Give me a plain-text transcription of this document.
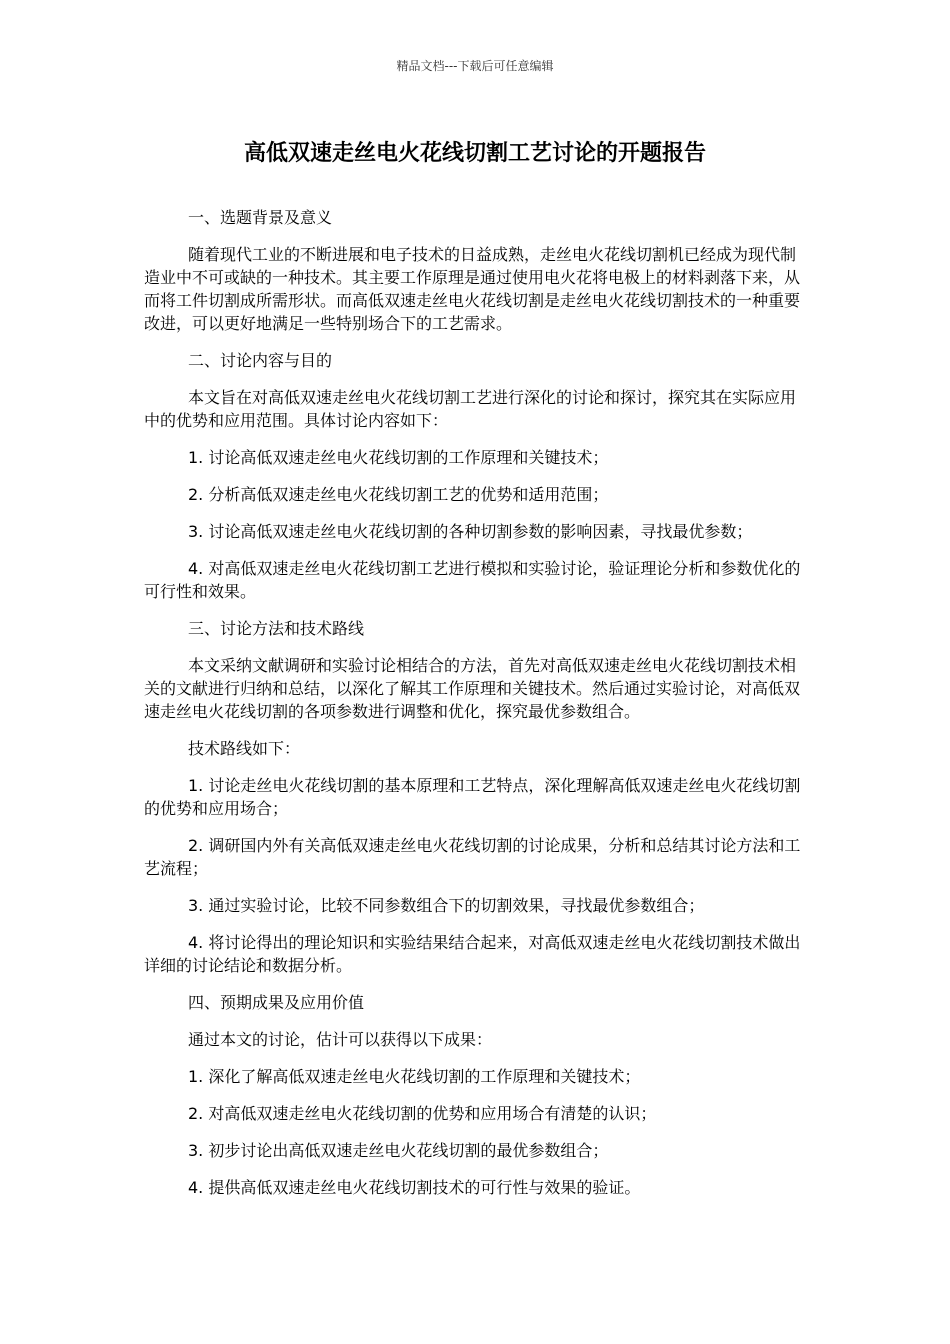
精品文档---下载后可任意编辑
高低双速走丝电火花线切割工艺讨论的开题报告

一、选题背景及意义

随着现代工业的不断进展和电子技术的日益成熟，走丝电火花线切割机已经成为现代制造业中不可或缺的一种技术。其主要工作原理是通过使用电火花将电极上的材料剥落下来，从而将工件切割成所需形状。而高低双速走丝电火花线切割是走丝电火花线切割技术的一种重要改进，可以更好地满足一些特别场合下的工艺需求。

二、讨论内容与目的

本文旨在对高低双速走丝电火花线切割工艺进行深化的讨论和探讨，探究其在实际应用中的优势和应用范围。具体讨论内容如下：

1. 讨论高低双速走丝电火花线切割的工作原理和关键技术；

2. 分析高低双速走丝电火花线切割工艺的优势和适用范围；

3. 讨论高低双速走丝电火花线切割的各种切割参数的影响因素，寻找最优参数；

4. 对高低双速走丝电火花线切割工艺进行模拟和实验讨论，验证理论分析和参数优化的可行性和效果。

三、讨论方法和技术路线

本文采纳文献调研和实验讨论相结合的方法，首先对高低双速走丝电火花线切割技术相关的文献进行归纳和总结，以深化了解其工作原理和关键技术。然后通过实验讨论，对高低双速走丝电火花线切割的各项参数进行调整和优化，探究最优参数组合。

技术路线如下：

1. 讨论走丝电火花线切割的基本原理和工艺特点，深化理解高低双速走丝电火花线切割的优势和应用场合；

2. 调研国内外有关高低双速走丝电火花线切割的讨论成果，分析和总结其讨论方法和工艺流程；

3. 通过实验讨论，比较不同参数组合下的切割效果，寻找最优参数组合；

4. 将讨论得出的理论知识和实验结果结合起来，对高低双速走丝电火花线切割技术做出详细的讨论结论和数据分析。

四、预期成果及应用价值

通过本文的讨论，估计可以获得以下成果：

1. 深化了解高低双速走丝电火花线切割的工作原理和关键技术；

2. 对高低双速走丝电火花线切割的优势和应用场合有清楚的认识；

3. 初步讨论出高低双速走丝电火花线切割的最优参数组合；

4. 提供高低双速走丝电火花线切割技术的可行性与效果的验证。
